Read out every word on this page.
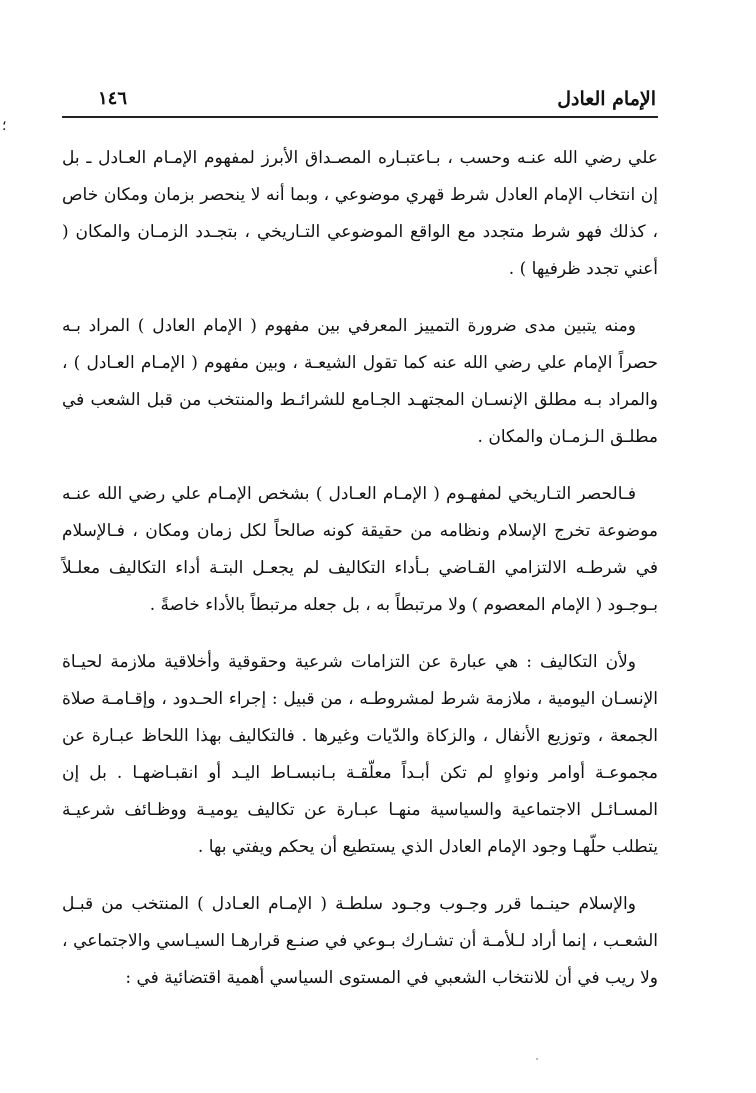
الإمام العادل
١٤٦
؛

علي رضي الله عنـه وحسب ، بـاعتبـاره المصـداق الأبرز لمفهوم الإمـام العـادل ـ بل إن انتخاب الإمام العادل شرط قهري موضوعي ، وبما أنه لا ينحصر بزمان ومكان خاص ، كذلك فهو شرط متجدد مع الواقع الموضوعي التـاريخي ، بتجـدد الزمـان والمكان ( أعني تجدد ظرفيها ) .

ومنه يتبين مدى ضرورة التمييز المعرفي بين مفهوم ( الإمام العادل ) المراد بـه حصراً الإمام علي رضي الله عنه كما تقول الشيعـة ، وبين مفهوم ( الإمـام العـادل ) ، والمراد بـه مطلق الإنسـان المجتهـد الجـامع للشرائـط والمنتخب من قبل الشعب في مطلـق الـزمـان والمكان .

فـالحصر التـاريخي لمفهـوم ( الإمـام العـادل ) بشخص الإمـام علي رضي الله عنـه موضوعة تخرج الإسلام ونظامه من حقيقة كونه صالحاً لكل زمان ومكان ، فـالإسلام في شرطـه الالتزامي القـاضي بـأداء التكاليف لم يجعـل البتـة أداء التكاليف معلـلاً بـوجـود ( الإمام المعصوم ) ولا مرتبطاً به ، بل جعله مرتبطاً بالأداء خاصةً .

ولأن التكاليف : هي عبارة عن التزامات شرعية وحقوقية وأخلاقية ملازمة لحيـاة الإنسـان اليومية ، ملازمة شرط لمشروطـه ، من قبيل : إجراء الحـدود ، وإقـامـة صلاة الجمعة ، وتوزيع الأنفال ، والزكاة والدّيات وغيرها . فالتكاليف بهذا اللحاظ عبـارة عن مجموعـة أوامر ونواهٍ لم تكن أبـداً معلّقـة بـانبسـاط اليـد أو انقبـاضهـا . بل إن المسـائـل الاجتماعية والسياسية منهـا عبـارة عن تكاليف يوميـة ووظـائف شرعيـة يتطلب حلّهـا وجود الإمام العادل الذي يستطيع أن يحكم ويفتي بها .

والإسلام حينـما قرر وجـوب وجـود سلطـة ( الإمـام العـادل ) المنتخب من قبـل الشعـب ، إنما أراد لـلأمـة أن تشـارك بـوعي في صنـع قرارهـا السيـاسي والاجتماعي ، ولا ريب في أن للانتخاب الشعبي في المستوى السياسي أهمية اقتضائية في :
